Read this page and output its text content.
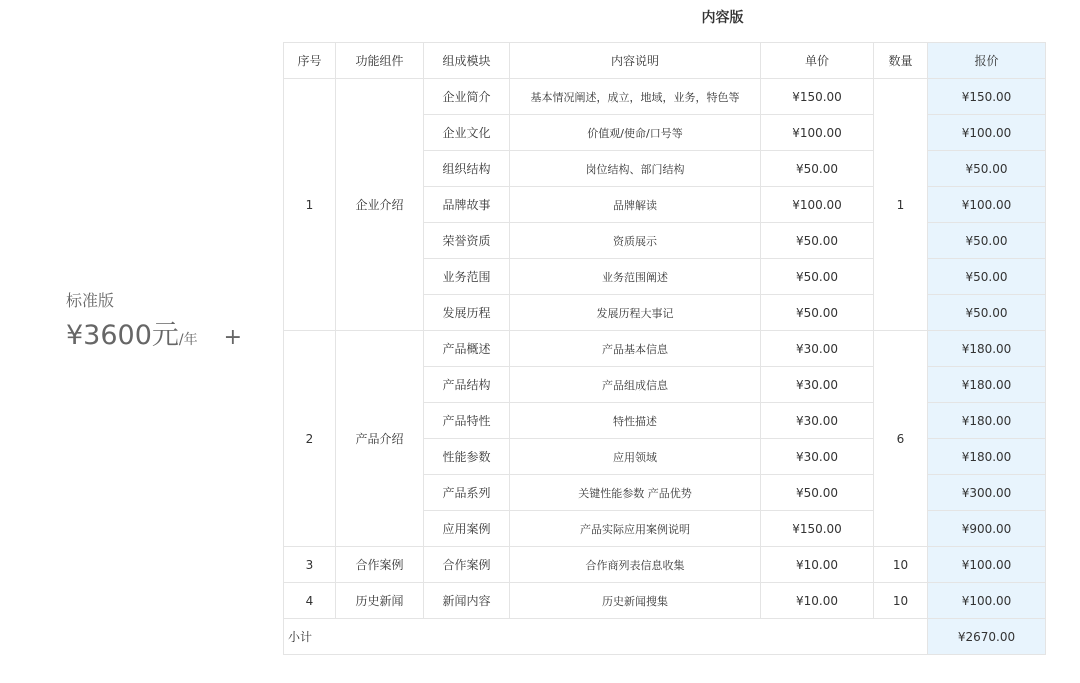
标准版
¥3600元/年 +
内容版
序号	功能组件	组成模块	内容说明	单价	数量	报价
1	企业介绍	企业简介	基本情况阐述，成立，地域，业务，特色等	¥150.00	1	¥150.00
		企业文化	价值观/使命/口号等	¥100.00		¥100.00
		组织结构	岗位结构、部门结构	¥50.00		¥50.00
		品牌故事	品牌解读	¥100.00		¥100.00
		荣誉资质	资质展示	¥50.00		¥50.00
		业务范围	业务范围阐述	¥50.00		¥50.00
		发展历程	发展历程大事记	¥50.00		¥50.00
2	产品介绍	产品概述	产品基本信息	¥30.00	6	¥180.00
		产品结构	产品组成信息	¥30.00		¥180.00
		产品特性	特性描述	¥30.00		¥180.00
		性能参数	应用领域	¥30.00		¥180.00
		产品系列	关键性能参数 产品优势	¥50.00		¥300.00
		应用案例	产品实际应用案例说明	¥150.00		¥900.00
3	合作案例	合作案例	合作商列表信息收集	¥10.00	10	¥100.00
4	历史新闻	新闻内容	历史新闻搜集	¥10.00	10	¥100.00
小计						¥2670.00
